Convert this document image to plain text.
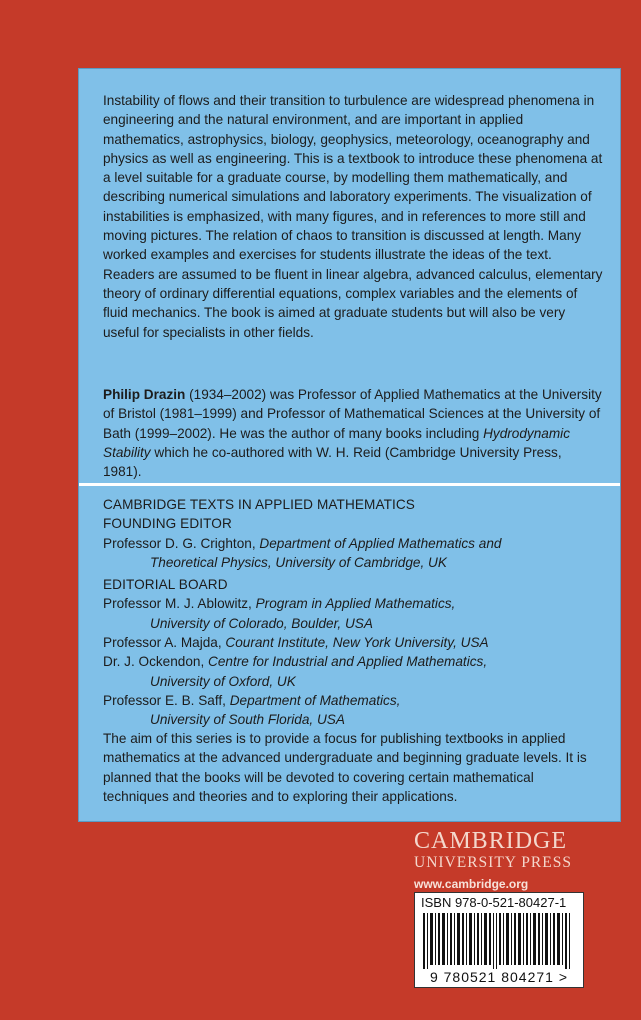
Instability of flows and their transition to turbulence are widespread phenomena in engineering and the natural environment, and are important in applied mathematics, astrophysics, biology, geophysics, meteorology, oceanography and physics as well as engineering. This is a textbook to introduce these phenomena at a level suitable for a graduate course, by modelling them mathematically, and describing numerical simulations and laboratory experiments. The visualization of instabilities is emphasized, with many figures, and in references to more still and moving pictures. The relation of chaos to transition is discussed at length. Many worked examples and exercises for students illustrate the ideas of the text. Readers are assumed to be fluent in linear algebra, advanced calculus, elementary theory of ordinary differential equations, complex variables and the elements of fluid mechanics. The book is aimed at graduate students but will also be very useful for specialists in other fields.
Philip Drazin (1934–2002) was Professor of Applied Mathematics at the University of Bristol (1981–1999) and Professor of Mathematical Sciences at the University of Bath (1999–2002). He was the author of many books including Hydrodynamic Stability which he co-authored with W. H. Reid (Cambridge University Press, 1981).
CAMBRIDGE TEXTS IN APPLIED MATHEMATICS
FOUNDING EDITOR
Professor D. G. Crighton, Department of Applied Mathematics and
Theoretical Physics, University of Cambridge, UK
EDITORIAL BOARD
Professor M. J. Ablowitz, Program in Applied Mathematics,
University of Colorado, Boulder, USA
Professor A. Majda, Courant Institute, New York University, USA
Dr. J. Ockendon, Centre for Industrial and Applied Mathematics,
University of Oxford, UK
Professor E. B. Saff, Department of Mathematics,
University of South Florida, USA
The aim of this series is to provide a focus for publishing textbooks in applied mathematics at the advanced undergraduate and beginning graduate levels. It is planned that the books will be devoted to covering certain mathematical techniques and theories and to exploring their applications.
CAMBRIDGE
UNIVERSITY PRESS
www.cambridge.org
ISBN 978-0-521-80427-1
9 780521 804271 >
